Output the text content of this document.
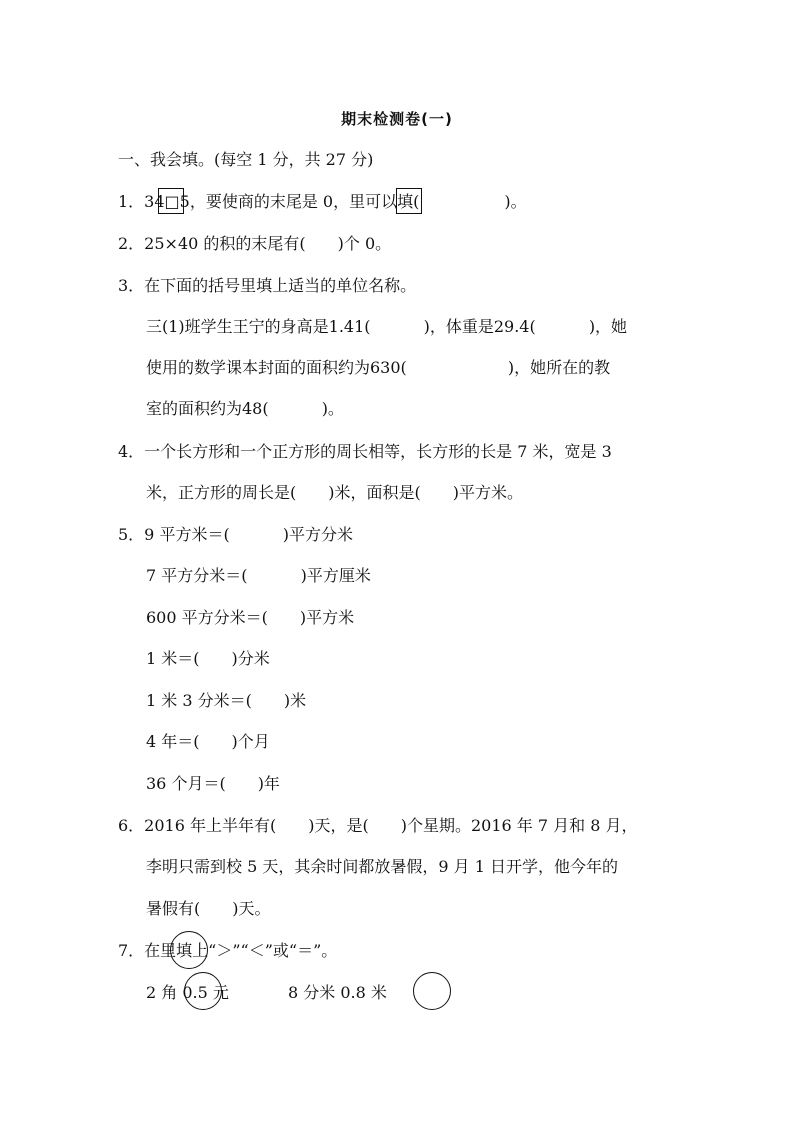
期末检测卷(一)
一、我会填。(每空 1 分，共 27 分)
1．34□5，要使商的末尾是 0，里可以填(　　　　　 )。
2．25×40 的积的末尾有(　　)个 0。
3．在下面的括号里填上适当的单位名称。
三(1)班学生王宁的身高是1.41(　　　 )，体重是29.4(　　　 )，她
使用的数学课本封面的面积约为630(　　　　　　 )，她所在的教
室的面积约为48(　　　 )。
4．一个长方形和一个正方形的周长相等，长方形的长是 7 米，宽是 3
米，正方形的周长是(　　)米，面积是(　　)平方米。
5．9 平方米＝(　　　 )平方分米
7 平方分米＝(　　　 )平方厘米
600 平方分米＝(　　)平方米
1 米＝(　　)分米
1 米 3 分米＝(　　)米
4 年＝(　　)个月
36 个月＝(　　)年
6．2016 年上半年有(　　)天，是(　　)个星期。2016 年 7 月和 8 月，
李明只需到校 5 天，其余时间都放暑假，9 月 1 日开学，他今年的
暑假有(　　)天。
7．在里填上“＞”“＜”或“＝”。
2 角 0.5 元	8 分米 0.8 米
